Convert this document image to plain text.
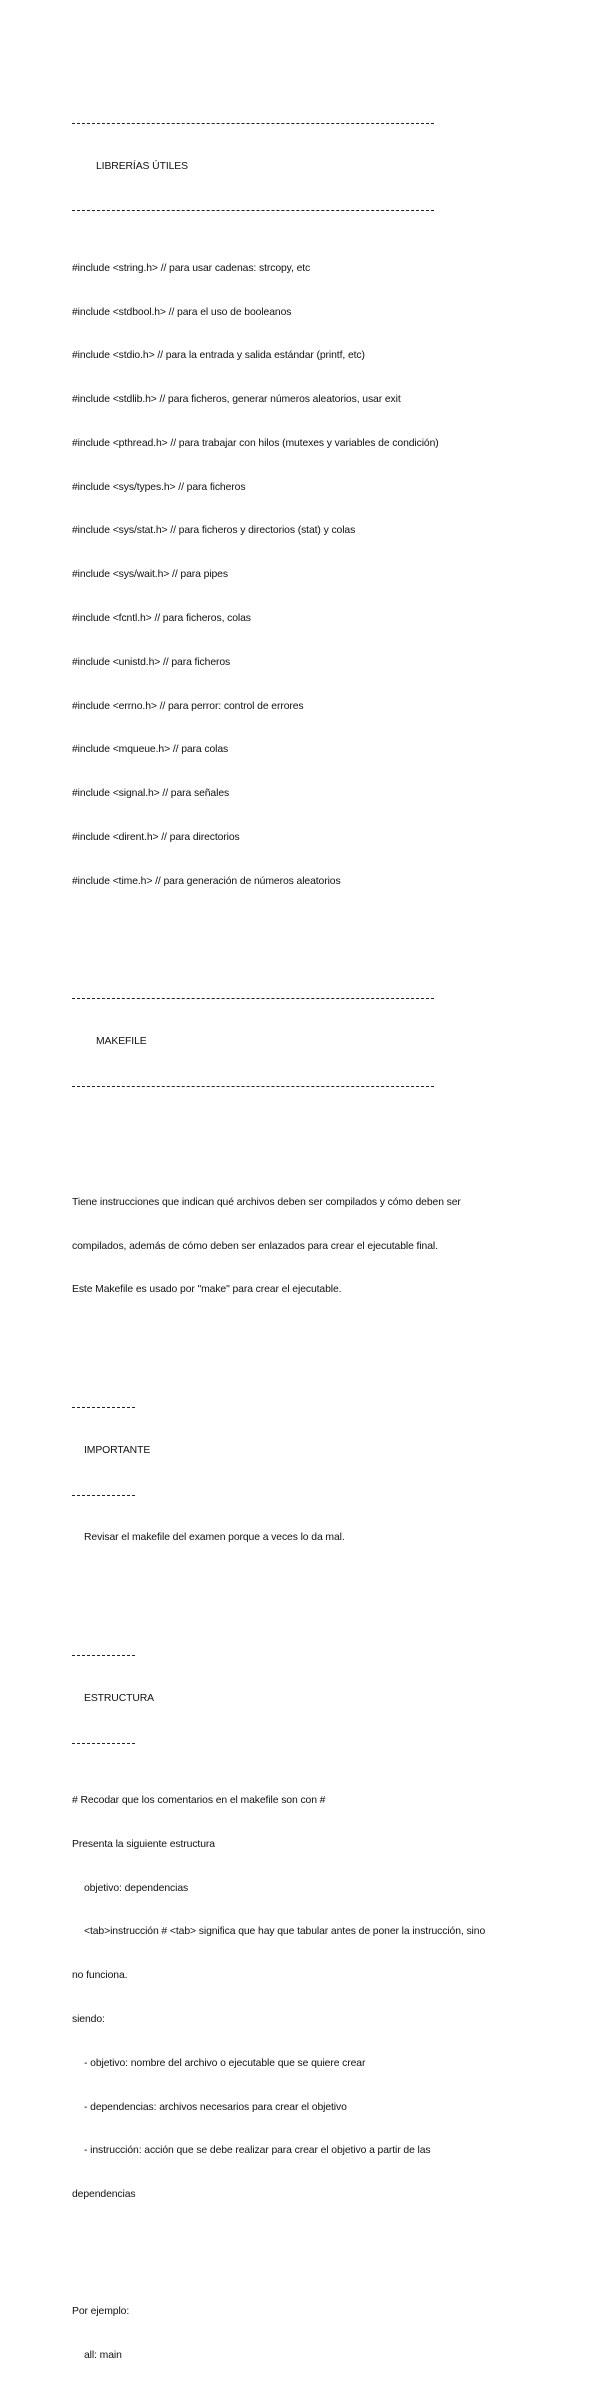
LIBRERÍAS ÚTILES

#include <string.h> // para usar cadenas: strcopy, etc

#include <stdbool.h> // para el uso de booleanos

#include <stdio.h> // para la entrada y salida estándar (printf, etc)

#include <stdlib.h> // para ficheros, generar números aleatorios, usar exit

#include <pthread.h> // para trabajar con hilos (mutexes y variables de condición)

#include <sys/types.h> // para ficheros

#include <sys/stat.h> // para ficheros y directorios (stat) y colas

#include <sys/wait.h> // para pipes

#include <fcntl.h> // para ficheros, colas

#include <unistd.h> // para ficheros

#include <errno.h> // para perror: control de errores

#include <mqueue.h> // para colas

#include <signal.h> // para señales

#include <dirent.h> // para directorios

#include <time.h> // para generación de números aleatorios

MAKEFILE

Tiene instrucciones que indican qué archivos deben ser compilados y cómo deben ser

compilados, además de cómo deben ser enlazados para crear el ejecutable final.

Este Makefile es usado por "make" para crear el ejecutable.

IMPORTANTE

Revisar el makefile del examen porque a veces lo da mal.

ESTRUCTURA

# Recodar que los comentarios en el makefile son con #

Presenta la siguiente estructura

objetivo: dependencias

<tab>instrucción # <tab> significa que hay que tabular antes de poner la instrucción, sino

no funciona.

siendo:

- objetivo: nombre del archivo o ejecutable que se quiere crear

- dependencias: archivos necesarios para crear el objetivo

- instrucción: acción que se debe realizar para crear el objetivo a partir de las

dependencias

Por ejemplo:

all: main
